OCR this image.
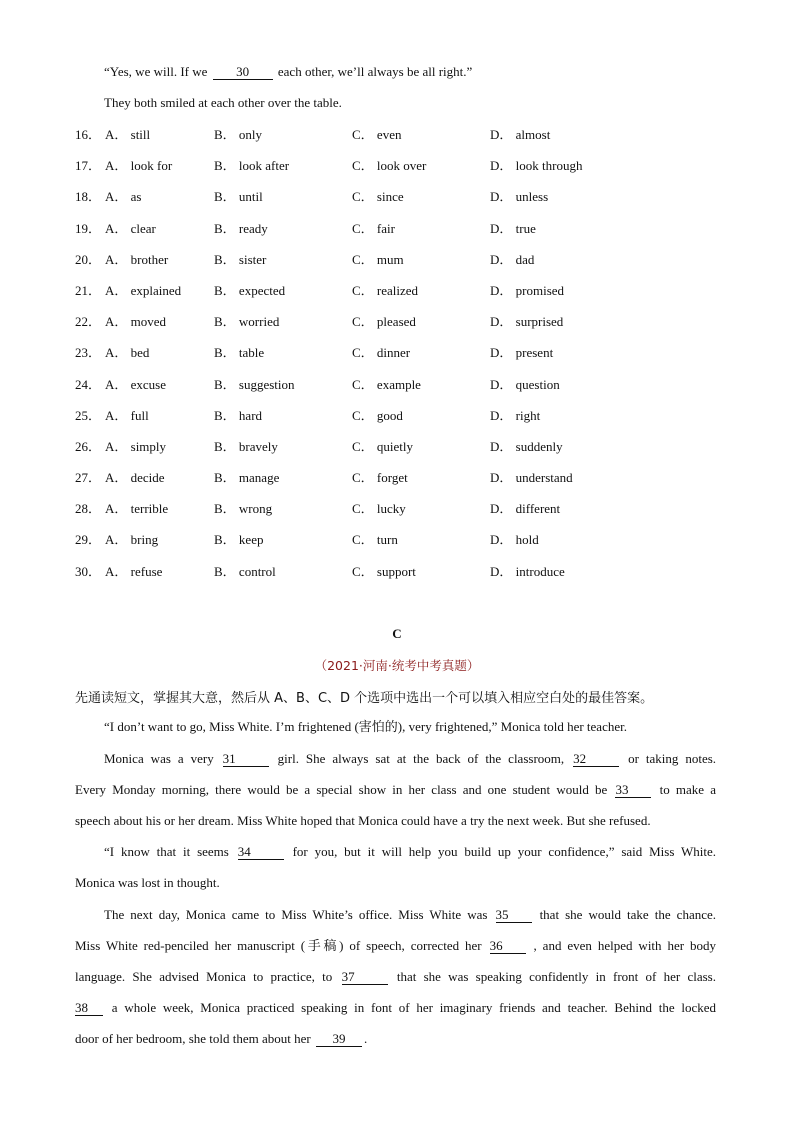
“Yes, we will. If we 30 each other, we’ll always be all right.”
They both smiled at each other over the table.
16． A． still	B． only	C． even	D． almost
17． A． look for	B． look after	C． look over	D． look through
18． A． as	B． until	C． since	D． unless
19． A． clear	B． ready	C． fair	D． true
20． A． brother	B． sister	C． mum	D． dad
21． A． explained	B． expected	C． realized	D． promised
22． A． moved	B． worried	C． pleased	D． surprised
23． A． bed	B． table	C． dinner	D． present
24． A． excuse	B． suggestion	C． example	D． question
25． A． full	B． hard	C． good	D． right
26． A． simply	B． bravely	C． quietly	D． suddenly
27． A． decide	B． manage	C． forget	D． understand
28． A． terrible	B． wrong	C． lucky	D． different
29． A． bring	B． keep	C． turn	D． hold
30． A． refuse	B． control	C． support	D． introduce
C
（2021·河南·统考中考真题）
先通读短文，掌握其大意，然后从 A、B、C、D 个选项中选出一个可以填入相应空白处的最佳答案。
“I don’t want to go, Miss White. I’m frightened (害怕的), very frightened,” Monica told her teacher.
Monica was a very 31	girl. She always sat at the back of the classroom, 32	or taking notes.
Every Monday morning, there would be a special show in her class and one student would be 33 to make a
speech about his or her dream. Miss White hoped that Monica could have a try the next week. But she refused.
“I know that it seems 34	for you, but it will help you build up your confidence,” said Miss White.
Monica was lost in thought.
The next day, Monica came to Miss White’s office. Miss White was 35 that she would take the chance.
Miss White red-penciled her manuscript (手稿) of speech, corrected her 36 , and even helped with her body
language. She advised Monica to practice, to 37	that she was speaking confidently in front of her class.
38 a whole week, Monica practiced speaking in font of her imaginary friends and teacher. Behind the locked
door of her bedroom, she told them about her 39 .
